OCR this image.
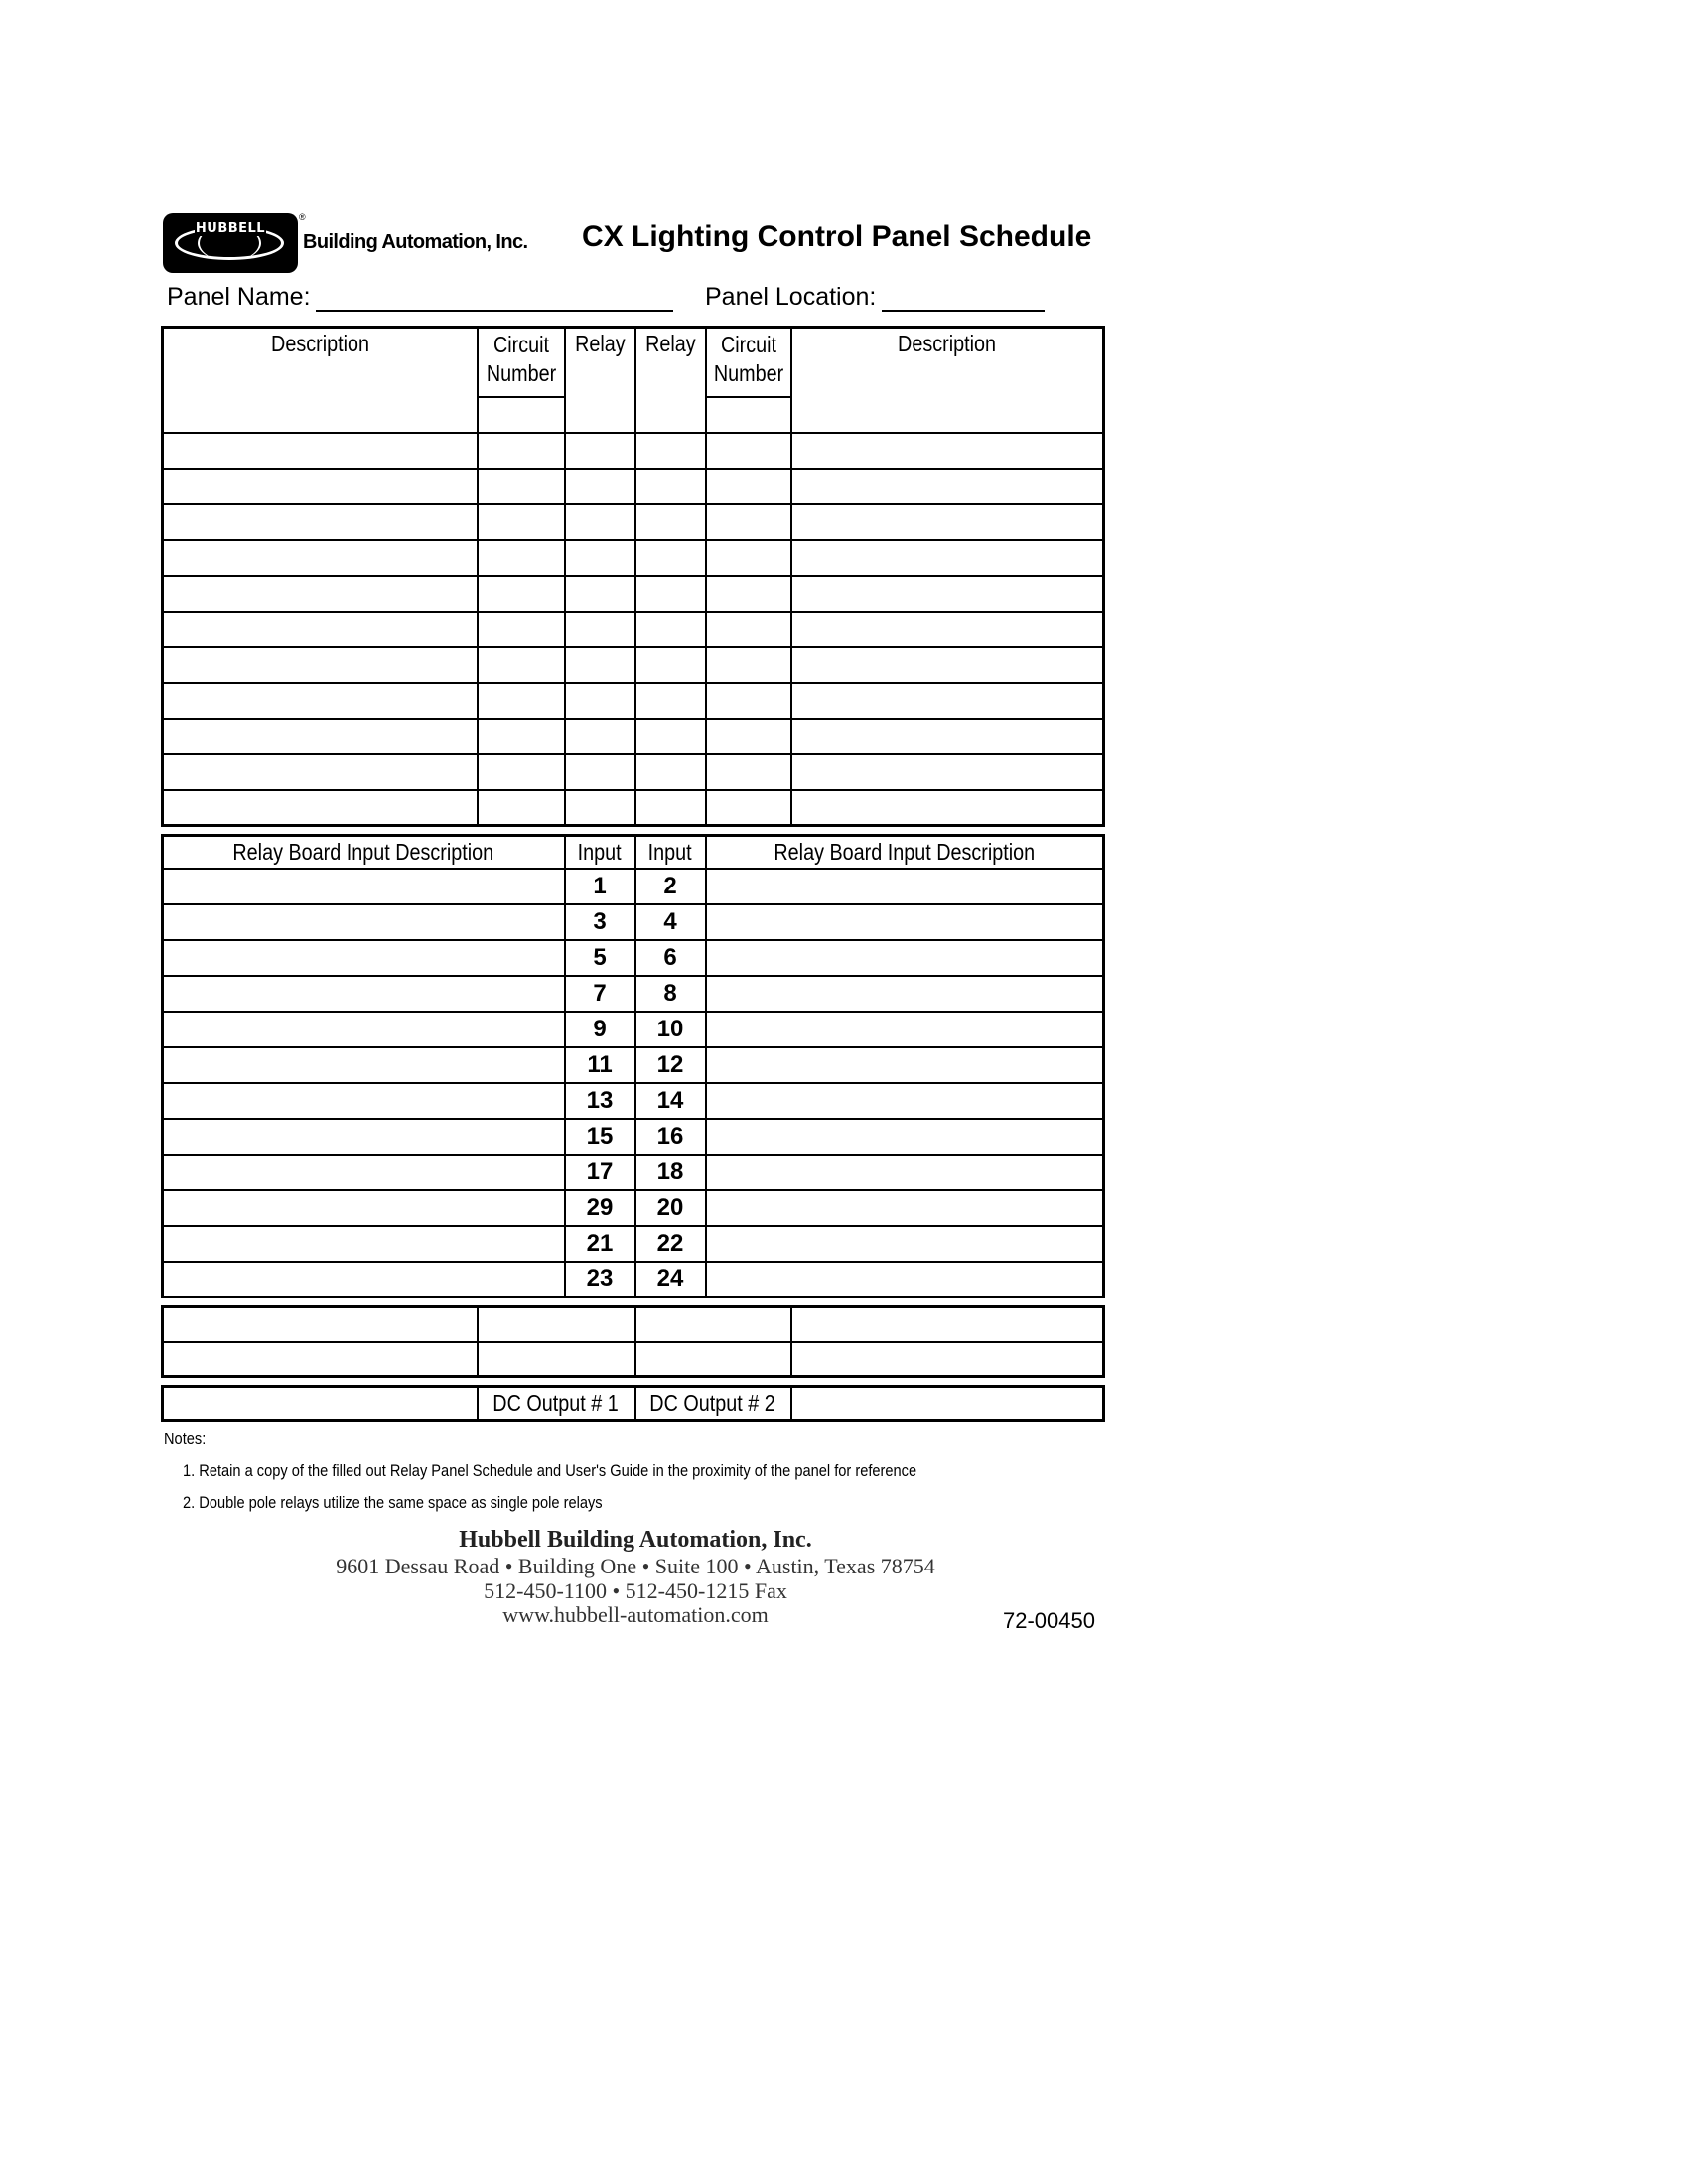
HUBBELL
®
Building Automation, Inc. CX Lighting Control Panel Schedule
Panel Name:	Panel Location:
Description	Circuit Number	Relay	Relay	Circuit Number	Description

Relay Board Input Description	Input	Input	Relay Board Input Description
	1	2	
	3	4	
	5	6	
	7	8	
	9	10	
	11	12	
	13	14	
	15	16	
	17	18	
	29	20	
	21	22	
	23	24	

	DC Output # 1	DC Output # 2	
Notes:
1. Retain a copy of the filled out Relay Panel Schedule and User's Guide in the proximity of the panel for reference
2. Double pole relays utilize the same space as single pole relays
Hubbell Building Automation, Inc.
9601 Dessau Road • Building One • Suite 100 • Austin, Texas 78754
512-450-1100 • 512-450-1215 Fax
www.hubbell-automation.com	72-00450
